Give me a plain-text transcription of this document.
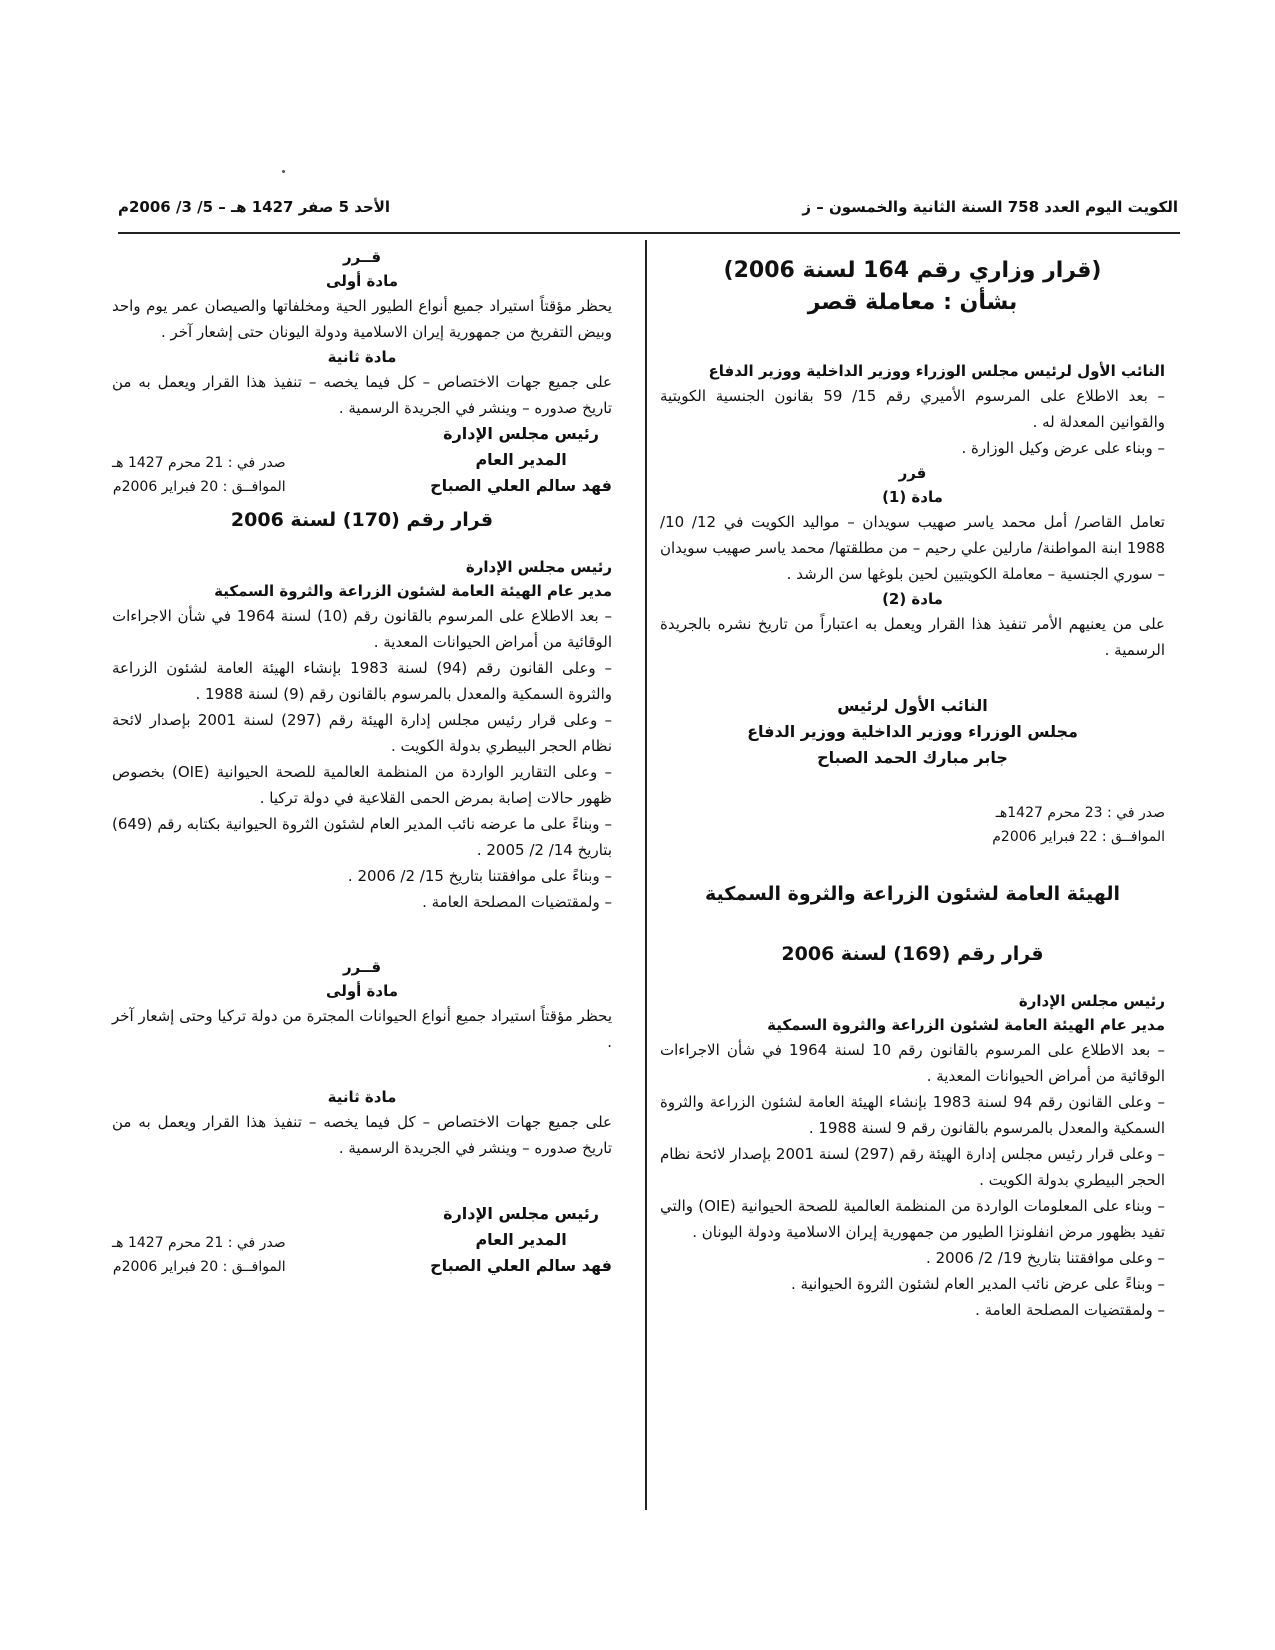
الكويت اليوم العدد 758 السنة الثانية والخمسون – ز
الأحد 5 صفر 1427 هـ – 5/ 3/ 2006م
(قرار وزاري رقم 164 لسنة 2006)
بشأن : معاملة قصر
النائب الأول لرئيس مجلس الوزراء ووزير الداخلية ووزير الدفاع

– بعد الاطلاع على المرسوم الأميري رقم 15/ 59 بقانون الجنسية الكويتية والقوانين المعدلة له .

– وبناء على عرض وكيل الوزارة .

قرر
مادة (1)

تعامل القاصر/ أمل محمد ياسر صهيب سويدان – مواليد الكويت في 12/ 10/ 1988 ابنة المواطنة/ مارلين علي رحيم – من مطلقتها/ محمد ياسر صهيب سويدان – سوري الجنسية – معاملة الكويتيين لحين بلوغها سن الرشد .

مادة (2)

على من يعنيهم الأمر تنفيذ هذا القرار ويعمل به اعتباراً من تاريخ نشره بالجريدة الرسمية .

النائب الأول لرئيس
مجلس الوزراء ووزير الداخلية ووزير الدفاع
جابر مبارك الحمد الصباح
صدر في : 23 محرم 1427هـ
الموافــق : 22 فبراير 2006م
الهيئة العامة لشئون الزراعة والثروة السمكية
قرار رقم (169) لسنة 2006
رئيس مجلس الإدارة
مدير عام الهيئة العامة لشئون الزراعة والثروة السمكية

– بعد الاطلاع على المرسوم بالقانون رقم 10 لسنة 1964 في شأن الاجراءات الوقائية من أمراض الحيوانات المعدية .

– وعلى القانون رقم 94 لسنة 1983 بإنشاء الهيئة العامة لشئون الزراعة والثروة السمكية والمعدل بالمرسوم بالقانون رقم 9 لسنة 1988 .

– وعلى قرار رئيس مجلس إدارة الهيئة رقم (297) لسنة 2001 بإصدار لائحة نظام الحجر البيطري بدولة الكويت .

– وبناء على المعلومات الواردة من المنظمة العالمية للصحة الحيوانية (OIE) والتي تفيد بظهور مرض انفلونزا الطيور من جمهورية إيران الاسلامية ودولة اليونان .

– وعلى موافقتنا بتاريخ 19/ 2/ 2006 .

– وبناءً على عرض نائب المدير العام لشئون الثروة الحيوانية .

– ولمقتضيات المصلحة العامة .

قــرر
مادة أولى

يحظر مؤقتاً استيراد جميع أنواع الطيور الحية ومخلفاتها والصيصان عمر يوم واحد وبيض التفريخ من جمهورية إيران الاسلامية ودولة اليونان حتى إشعار آخر .

مادة ثانية

على جميع جهات الاختصاص – كل فيما يخصه – تنفيذ هذا القرار ويعمل به من تاريخ صدوره – وينشر في الجريدة الرسمية .

رئيس مجلس الإدارة
المدير العام
فهد سالم العلي الصباح
صدر في : 21 محرم 1427 هـ
الموافــق : 20 فبراير 2006م
قرار رقم (170) لسنة 2006
رئيس مجلس الإدارة
مدير عام الهيئة العامة لشئون الزراعة والثروة السمكية

– بعد الاطلاع على المرسوم بالقانون رقم (10) لسنة 1964 في شأن الاجراءات الوقائية من أمراض الحيوانات المعدية .

– وعلى القانون رقم (94) لسنة 1983 بإنشاء الهيئة العامة لشئون الزراعة والثروة السمكية والمعدل بالمرسوم بالقانون رقم (9) لسنة 1988 .

– وعلى قرار رئيس مجلس إدارة الهيئة رقم (297) لسنة 2001 بإصدار لائحة نظام الحجر البيطري بدولة الكويت .

– وعلى التقارير الواردة من المنظمة العالمية للصحة الحيوانية (OIE) بخصوص ظهور حالات إصابة بمرض الحمى القلاعية في دولة تركيا .

– وبناءً على ما عرضه نائب المدير العام لشئون الثروة الحيوانية بكتابه رقم (649) بتاريخ 14/ 2/ 2005 .

– وبناءً على موافقتنا بتاريخ 15/ 2/ 2006 .

– ولمقتضيات المصلحة العامة .

قــرر
مادة أولى

يحظر مؤقتاً استيراد جميع أنواع الحيوانات المجترة من دولة تركيا وحتى إشعار آخر .

مادة ثانية

على جميع جهات الاختصاص – كل فيما يخصه – تنفيذ هذا القرار ويعمل به من تاريخ صدوره – وينشر في الجريدة الرسمية .

رئيس مجلس الإدارة
المدير العام
فهد سالم العلي الصباح
صدر في : 21 محرم 1427 هـ
الموافــق : 20 فبراير 2006م
